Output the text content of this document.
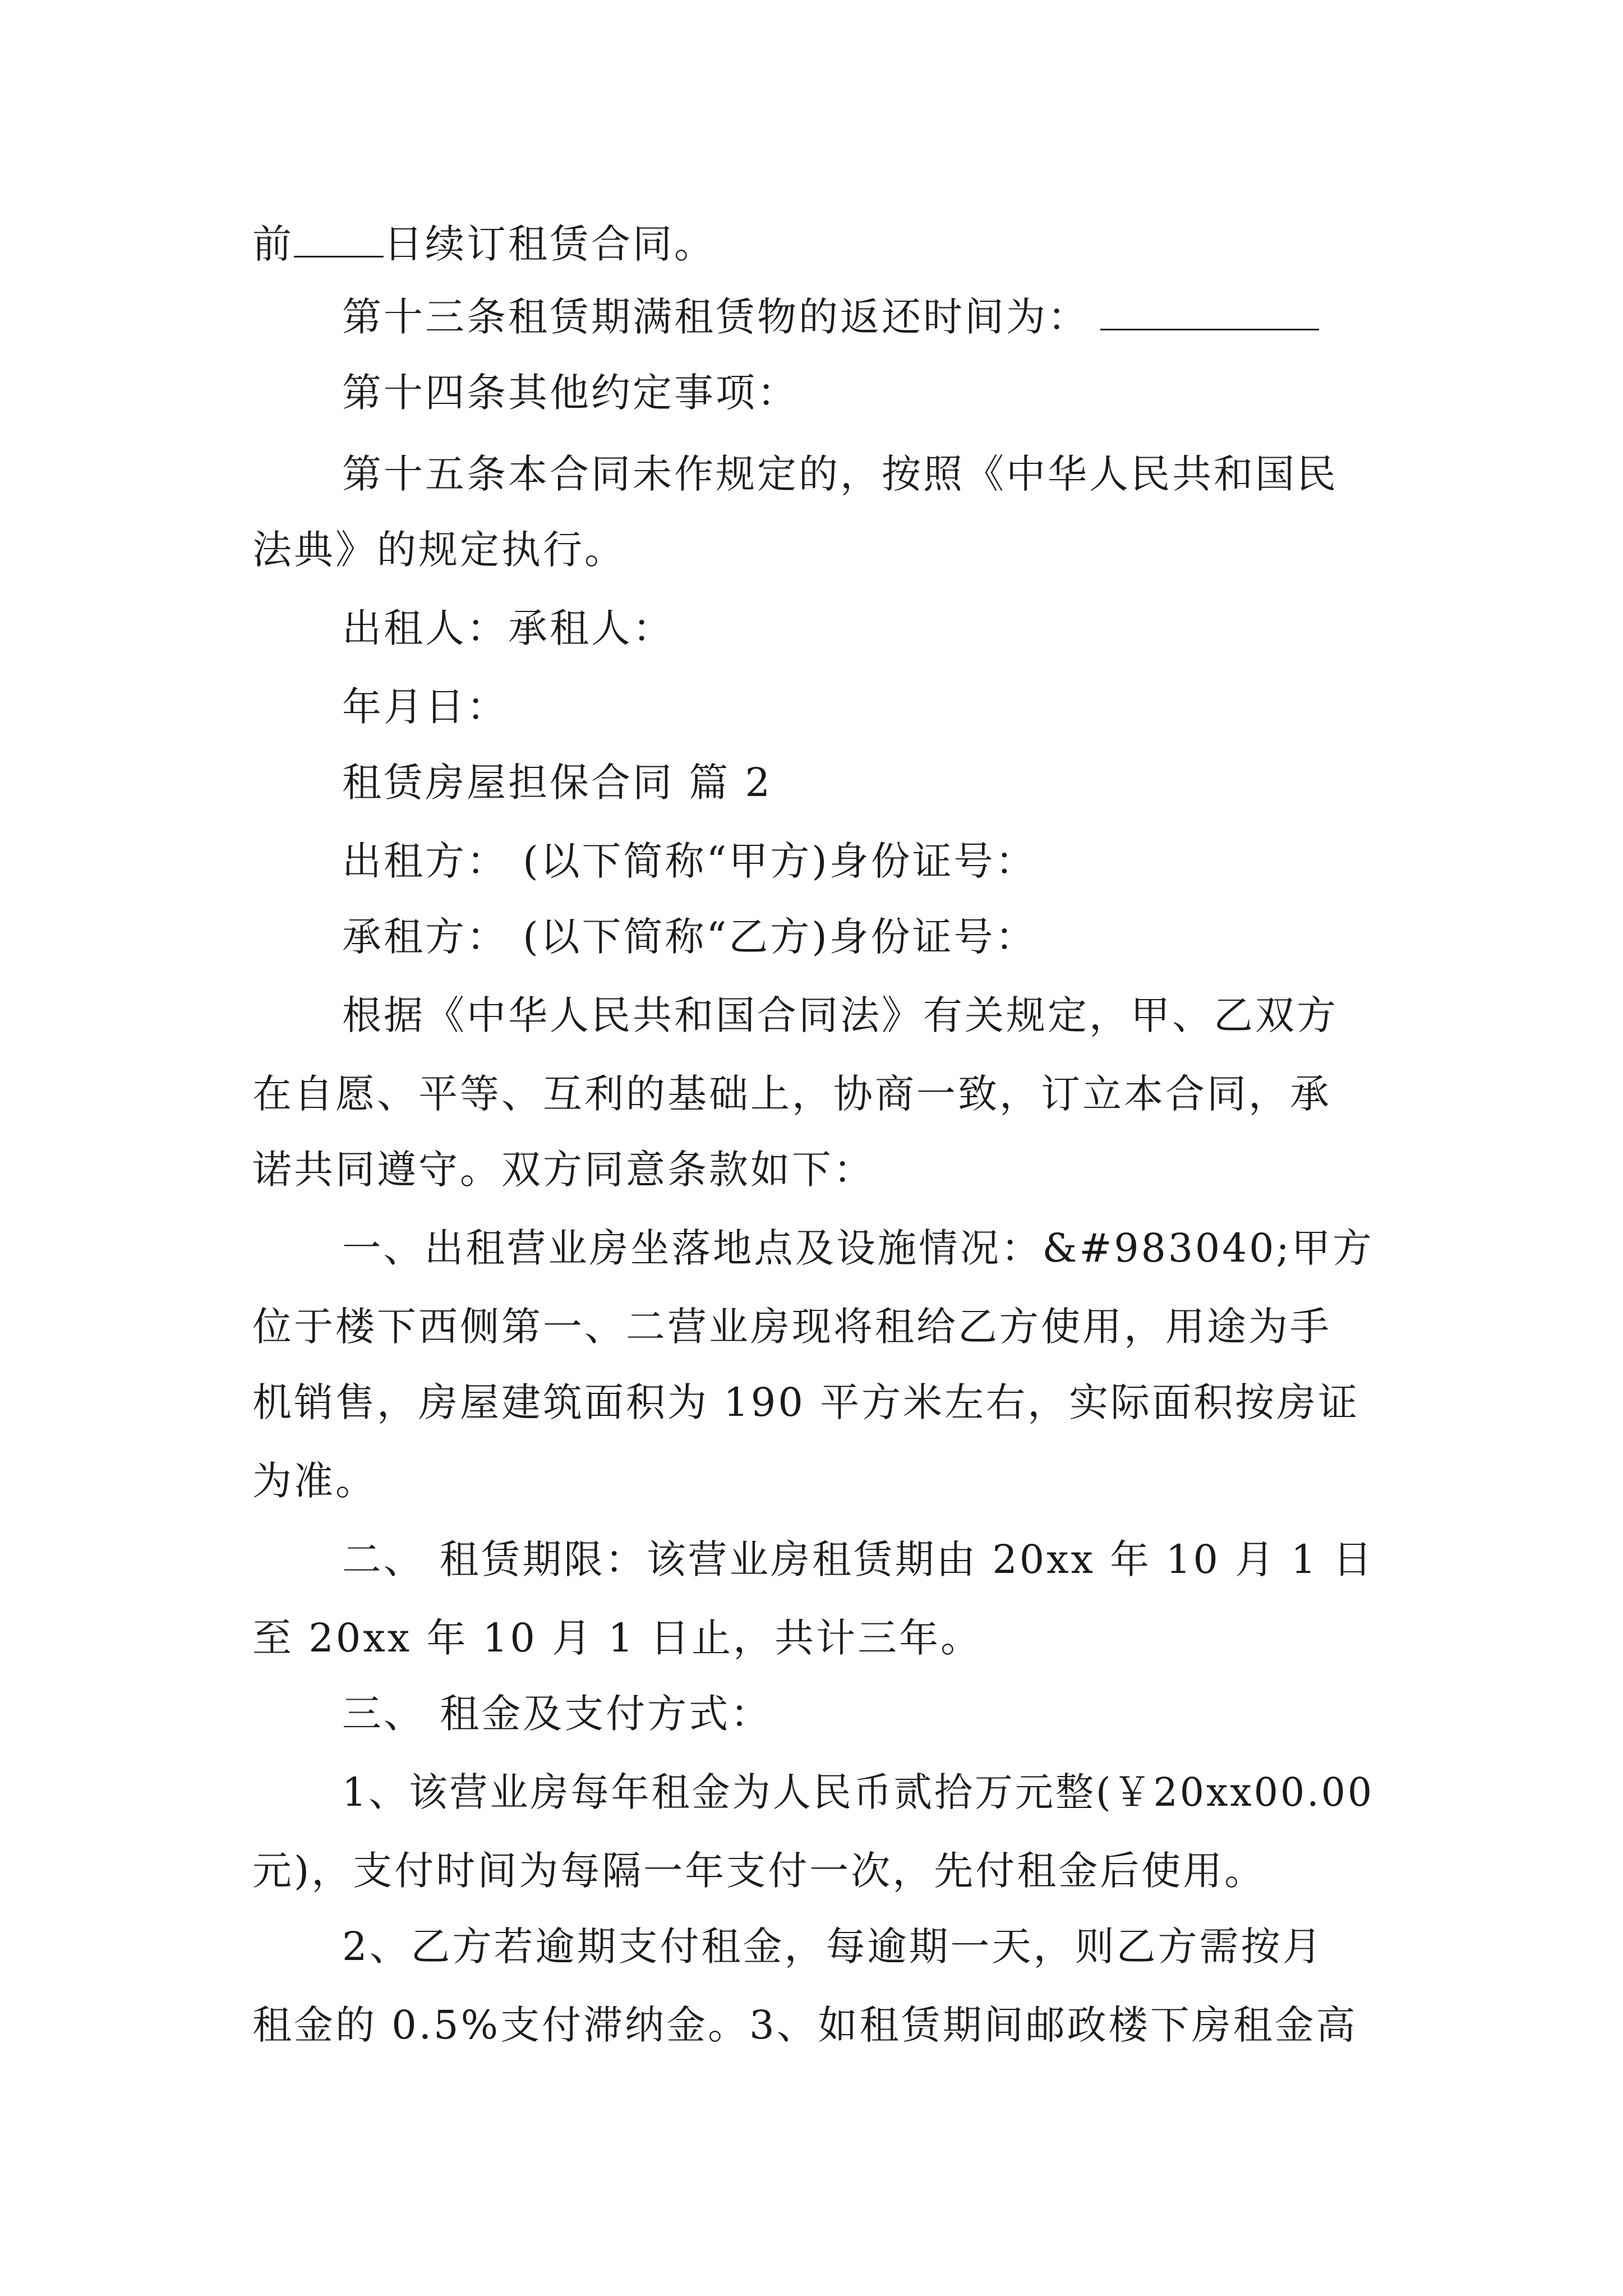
前 日续订租赁合同。
第十三条租赁期满租赁物的返还时间为：
第十四条其他约定事项：
第十五条本合同未作规定的，按照《中华人民共和国民
法典》的规定执行。
出租人：承租人：
年月日：
租赁房屋担保合同 篇 2
出租方： (以下简称“甲方)身份证号：
承租方： (以下简称“乙方)身份证号：
根据《中华人民共和国合同法》有关规定，甲、乙双方
在自愿、平等、互利的基础上，协商一致，订立本合同，承
诺共同遵守。双方同意条款如下：
一、出租营业房坐落地点及设施情况：&#983040;甲方
位于楼下西侧第一、二营业房现将租给乙方使用，用途为手
机销售，房屋建筑面积为 190 平方米左右，实际面积按房证
为准。
二、 租赁期限：该营业房租赁期由 20xx 年 10 月 1 日
至 20xx 年 10 月 1 日止，共计三年。
三、 租金及支付方式：
1、该营业房每年租金为人民币贰拾万元整(￥20xx00.00
元)，支付时间为每隔一年支付一次，先付租金后使用。
2、乙方若逾期支付租金，每逾期一天，则乙方需按月
租金的 0.5%支付滞纳金。3、如租赁期间邮政楼下房租金高
